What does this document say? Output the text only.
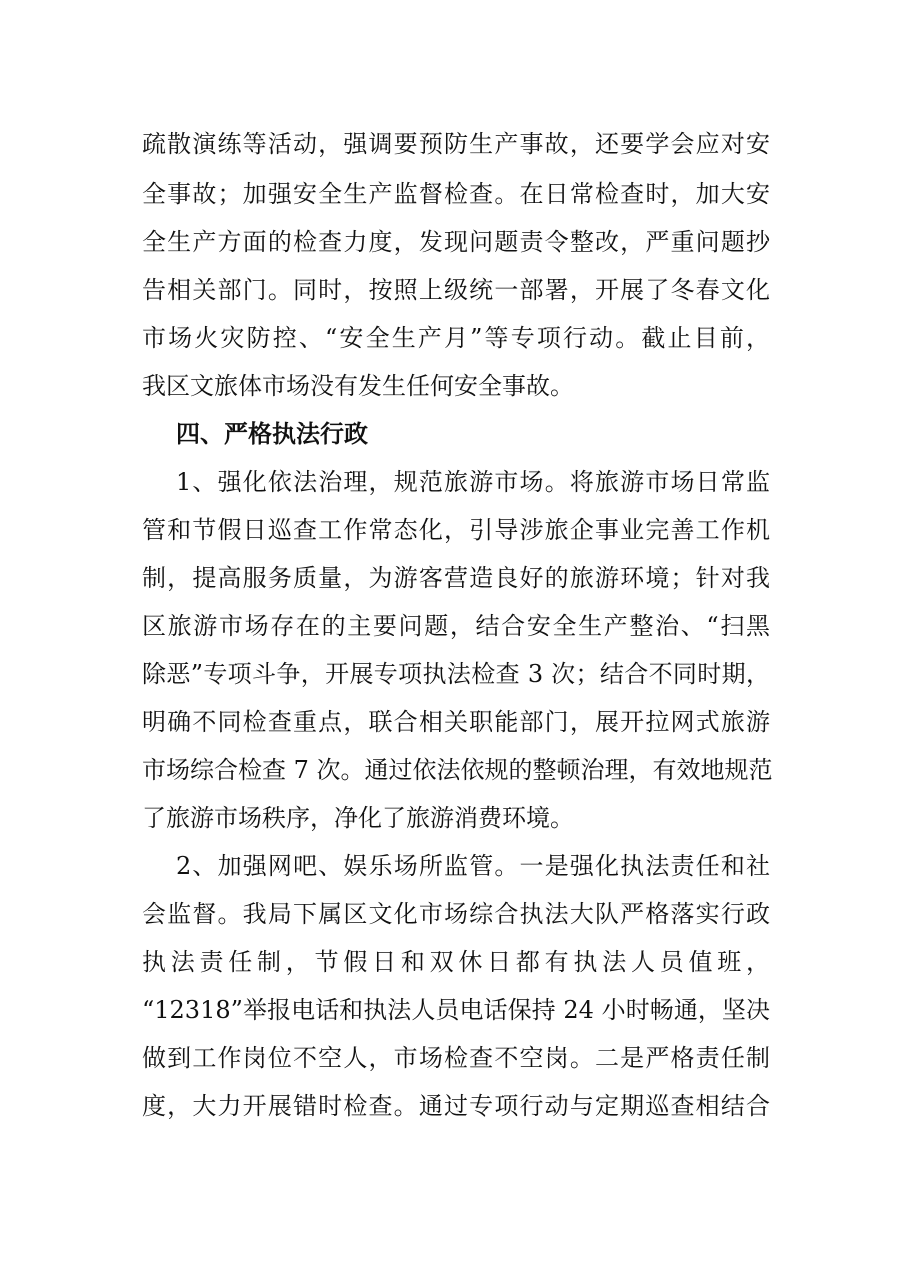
疏散演练等活动，强调要预防生产事故，还要学会应对安
全事故；加强安全生产监督检查。在日常检查时，加大安
全生产方面的检查力度，发现问题责令整改，严重问题抄
告相关部门。同时，按照上级统一部署，开展了冬春文化
市场火灾防控、“安全生产月”等专项行动。截止目前，
我区文旅体市场没有发生任何安全事故。
四、严格执法行政
1、强化依法治理，规范旅游市场。将旅游市场日常监
管和节假日巡查工作常态化，引导涉旅企事业完善工作机
制，提高服务质量，为游客营造良好的旅游环境；针对我
区旅游市场存在的主要问题，结合安全生产整治、“扫黑
除恶”专项斗争，开展专项执法检查 3 次；结合不同时期，
明确不同检查重点，联合相关职能部门，展开拉网式旅游
市场综合检查 7 次。通过依法依规的整顿治理，有效地规范
了旅游市场秩序，净化了旅游消费环境。
2、加强网吧、娱乐场所监管。一是强化执法责任和社
会监督。我局下属区文化市场综合执法大队严格落实行政
执法责任制，节假日和双休日都有执法人员值班，
“12318”举报电话和执法人员电话保持 24 小时畅通，坚决
做到工作岗位不空人，市场检查不空岗。二是严格责任制
度，大力开展错时检查。通过专项行动与定期巡查相结合
